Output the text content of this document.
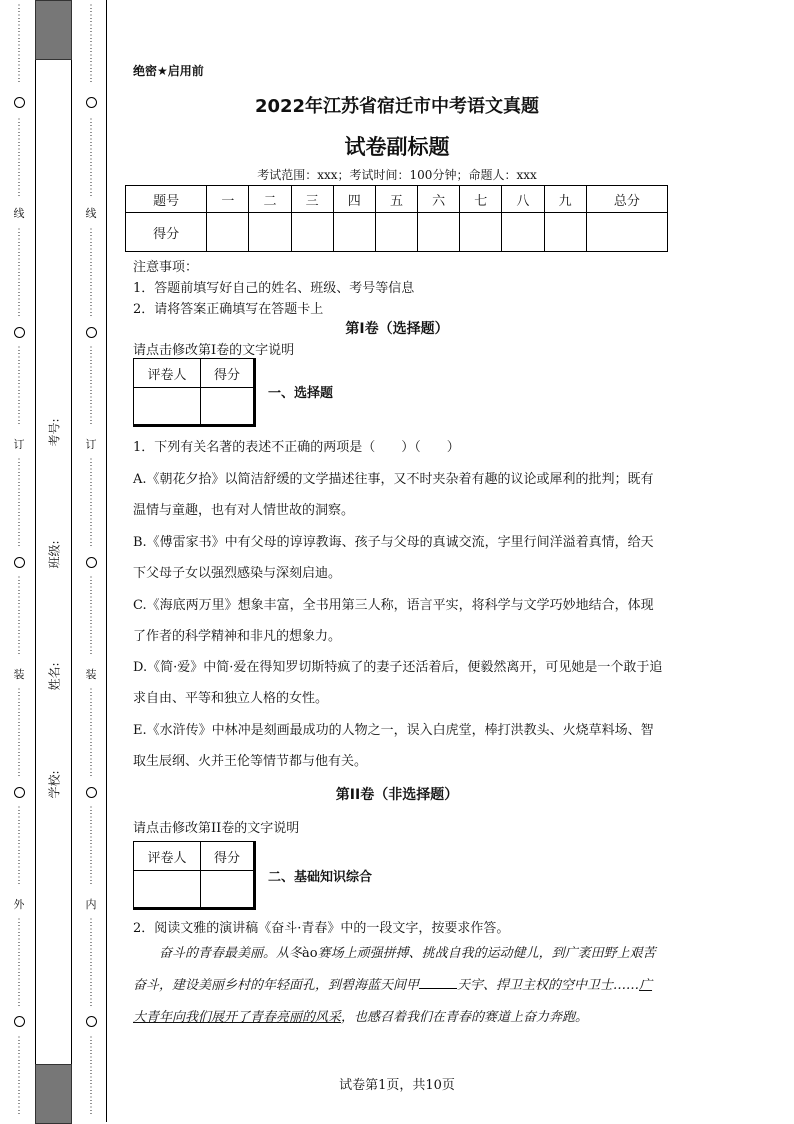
⋮
⋮
⋮
⋮
⋮
⋮
⋮
⋮
⋮
⋮
⋮
⋮
⋮
⋮
⋮
⋮
线
⋮
⋮
⋮
⋮
⋮
⋮
⋮
⋮
⋮
⋮
⋮
⋮
⋮
⋮
⋮
⋮
⋮
订
⋮
⋮
⋮
⋮
⋮
⋮
⋮
⋮
⋮
⋮
⋮
⋮
⋮
⋮
⋮
⋮
⋮
装
⋮
⋮
⋮
⋮
⋮
⋮
⋮
⋮
⋮
⋮
⋮
⋮
⋮
⋮
⋮
⋮
⋮
外
⋮
⋮
⋮
⋮
⋮
⋮
⋮
⋮
⋮
⋮
⋮
⋮
⋮
⋮
⋮
⋮
⋮
⋮
⋮
⋮
⋮
⋮
⋮
⋮
⋮
⋮
⋮
⋮
⋮
⋮
⋮
⋮
⋮
线
⋮
⋮
⋮
⋮
⋮
⋮
⋮
⋮
⋮
⋮
⋮
⋮
⋮
⋮
⋮
⋮
⋮
订
⋮
⋮
⋮
⋮
⋮
⋮
⋮
⋮
⋮
⋮
⋮
⋮
⋮
⋮
⋮
⋮
⋮
装
⋮
⋮
⋮
⋮
⋮
⋮
⋮
⋮
⋮
⋮
⋮
⋮
⋮
⋮
⋮
⋮
⋮
内
⋮
⋮
⋮
⋮
⋮
⋮
⋮
⋮
⋮
⋮
⋮
⋮
⋮
⋮
⋮
⋮
⋮
考号:
班级:
姓名:
学校:
绝密★启用前
2022年江苏省宿迁市中考语文真题
试卷副标题
考试范围：xxx；考试时间：100分钟；命题人：xxx
题号	一	二	三	四	五	六	七	八	九	总分
得分										
注意事项：
1．答题前填写好自己的姓名、班级、考号等信息
2．请将答案正确填写在答题卡上
第I卷（选择题）
请点击修改第I卷的文字说明
评卷人	得分

一、选择题
1．下列有关名著的表述不正确的两项是（　　）（　　）
A.《朝花夕拾》以简洁舒缓的文学描述往事，又不时夹杂着有趣的议论或犀利的批判；既有温情与童趣，也有对人情世故的洞察。
B.《傅雷家书》中有父母的谆谆教诲、孩子与父母的真诚交流，字里行间洋溢着真情，给天下父母子女以强烈感染与深刻启迪。
C.《海底两万里》想象丰富，全书用第三人称，语言平实，将科学与文学巧妙地结合，体现了作者的科学精神和非凡的想象力。
D.《简·爱》中简·爱在得知罗切斯特疯了的妻子还活着后，便毅然离开，可见她是一个敢于追求自由、平等和独立人格的女性。
E.《水浒传》中林冲是刻画最成功的人物之一，误入白虎堂，棒打洪教头、火烧草料场、智取生辰纲、火并王伦等情节都与他有关。
第II卷（非选择题）
请点击修改第II卷的文字说明
评卷人	得分

二、基础知识综合
2．阅读文雅的演讲稿《奋斗·青春》中的一段文字，按要求作答。
奋斗的青春最美丽。从冬ào赛场上顽强拼搏、挑战自我的运动健儿，到广袤田野上艰苦奋斗，建设美丽乡村的年轻面孔，到碧海蓝天间甲	天宇、捍卫主权的空中卫士……广大青年向我们展开了青春亮丽的风采，也感召着我们在青春的赛道上奋力奔跑。
试卷第1页，共10页
